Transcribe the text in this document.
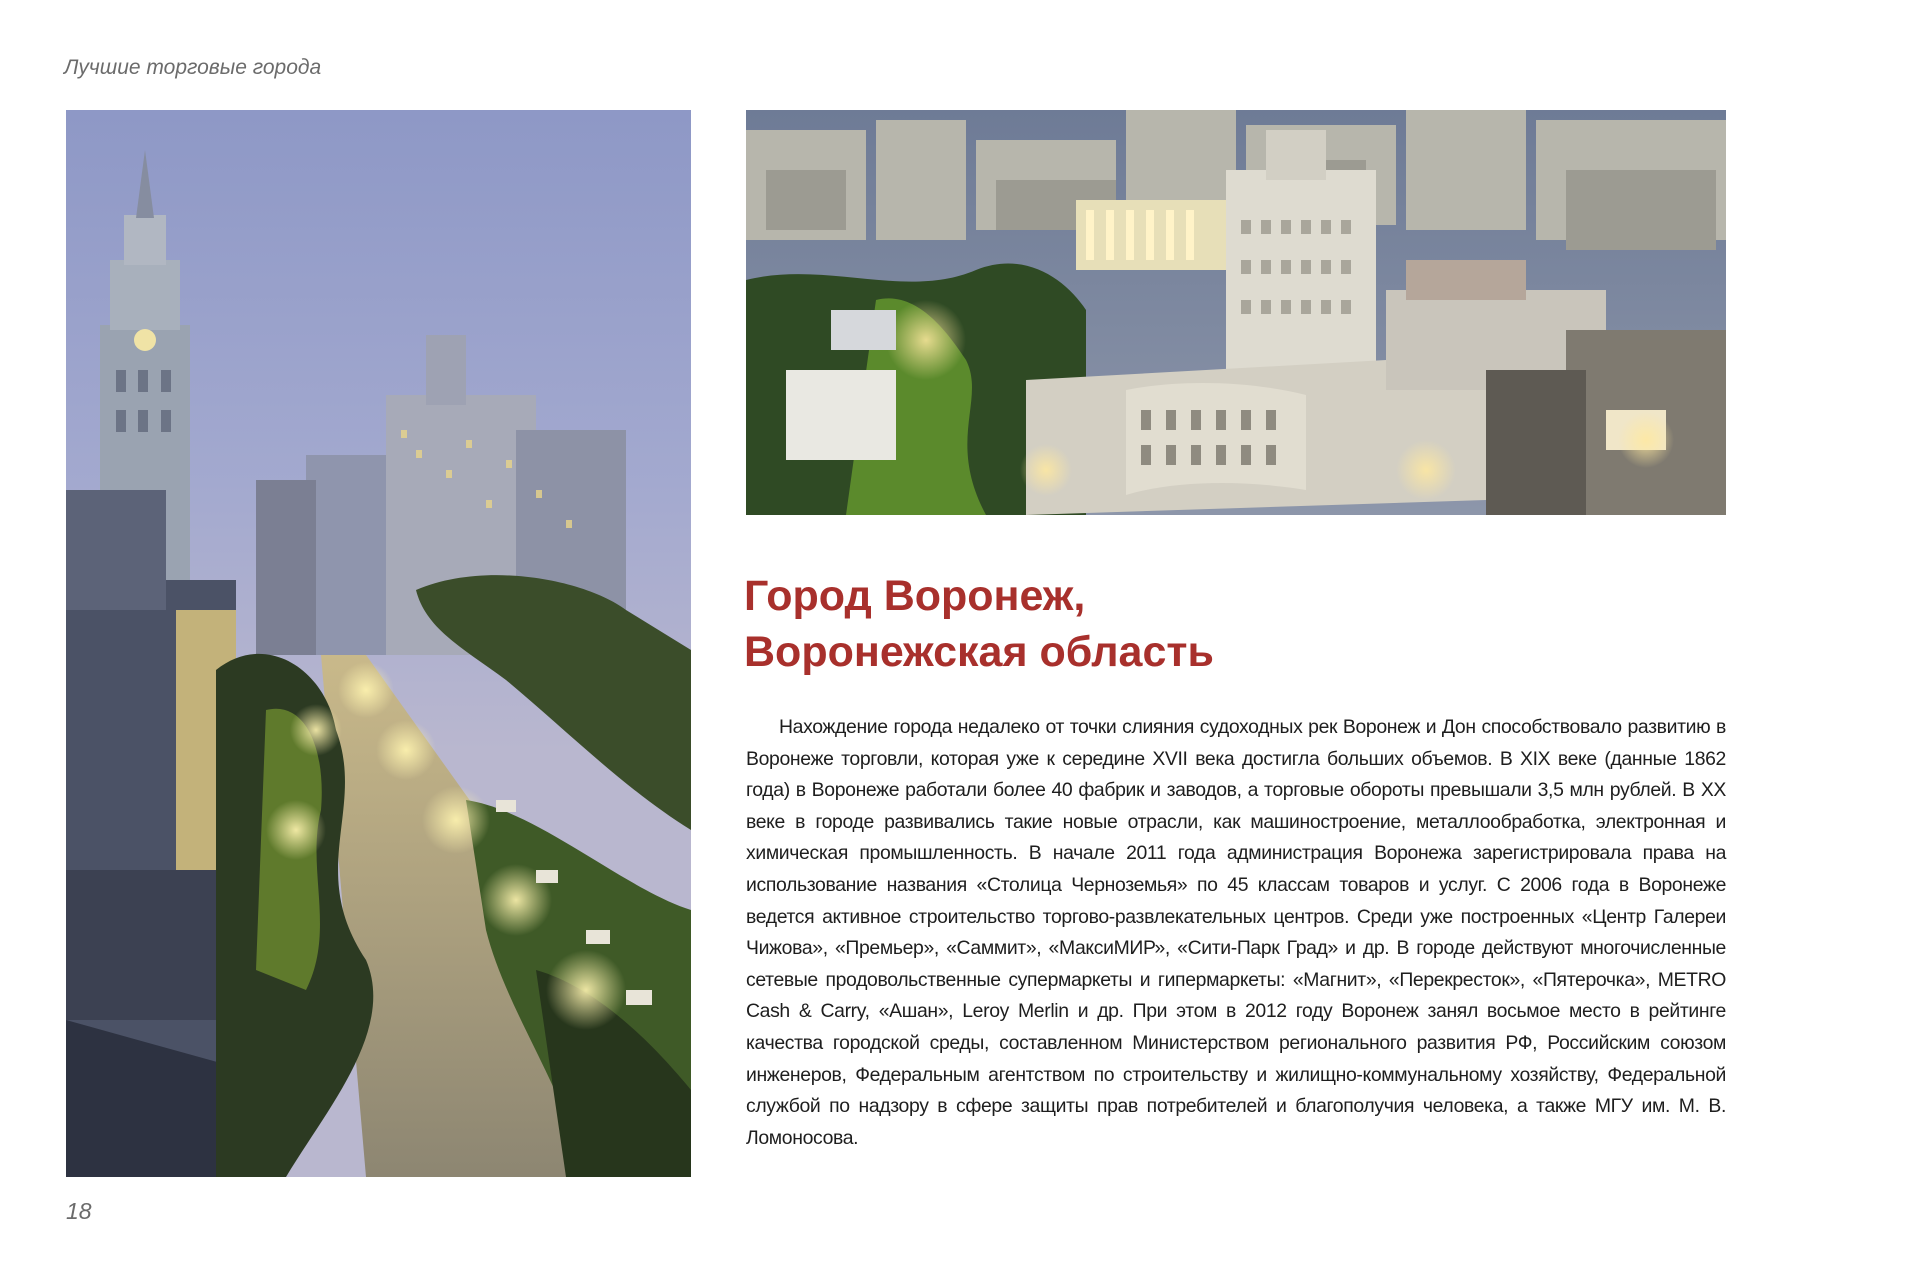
Лучшие торговые города
Город Воронеж,
Воронежская область

Нахождение города недалеко от точки слияния судоходных рек Воронеж и Дон способствовало развитию в Воронеже торговли, которая уже к середине XVII века достигла больших объемов. В XIX веке (данные 1862 года) в Воронеже работали более 40 фабрик и заводов, а торговые обороты превышали 3,5 млн рублей. В XX веке в городе развивались такие новые отрасли, как машиностроение, металлообработка, электронная и химическая промышленность. В начале 2011 года администрация Воронежа зарегистрировала права на использование названия «Столица Черноземья» по 45 классам товаров и услуг. С 2006 года в Воронеже ведется активное строительство торгово-развлекательных центров. Среди уже построенных «Центр Галереи Чижова», «Премьер», «Саммит», «МаксиМИР», «Сити-Парк Град» и др. В городе действуют многочисленные сетевые продовольственные супермаркеты и гипермаркеты: «Магнит», «Перекресток», «Пятерочка», METRO Cash & Carry, «Ашан», Leroy Merlin и др. При этом в 2012 году Воронеж занял восьмое место в рейтинге качества городской среды, составленном Министерством регионального развития РФ, Российским союзом инженеров, Федеральным агентством по строительству и жилищно-коммунальному хозяйству, Федеральной службой по надзору в сфере защиты прав потребителей и благополучия человека, а также МГУ им. М. В. Ломоносова.

18
